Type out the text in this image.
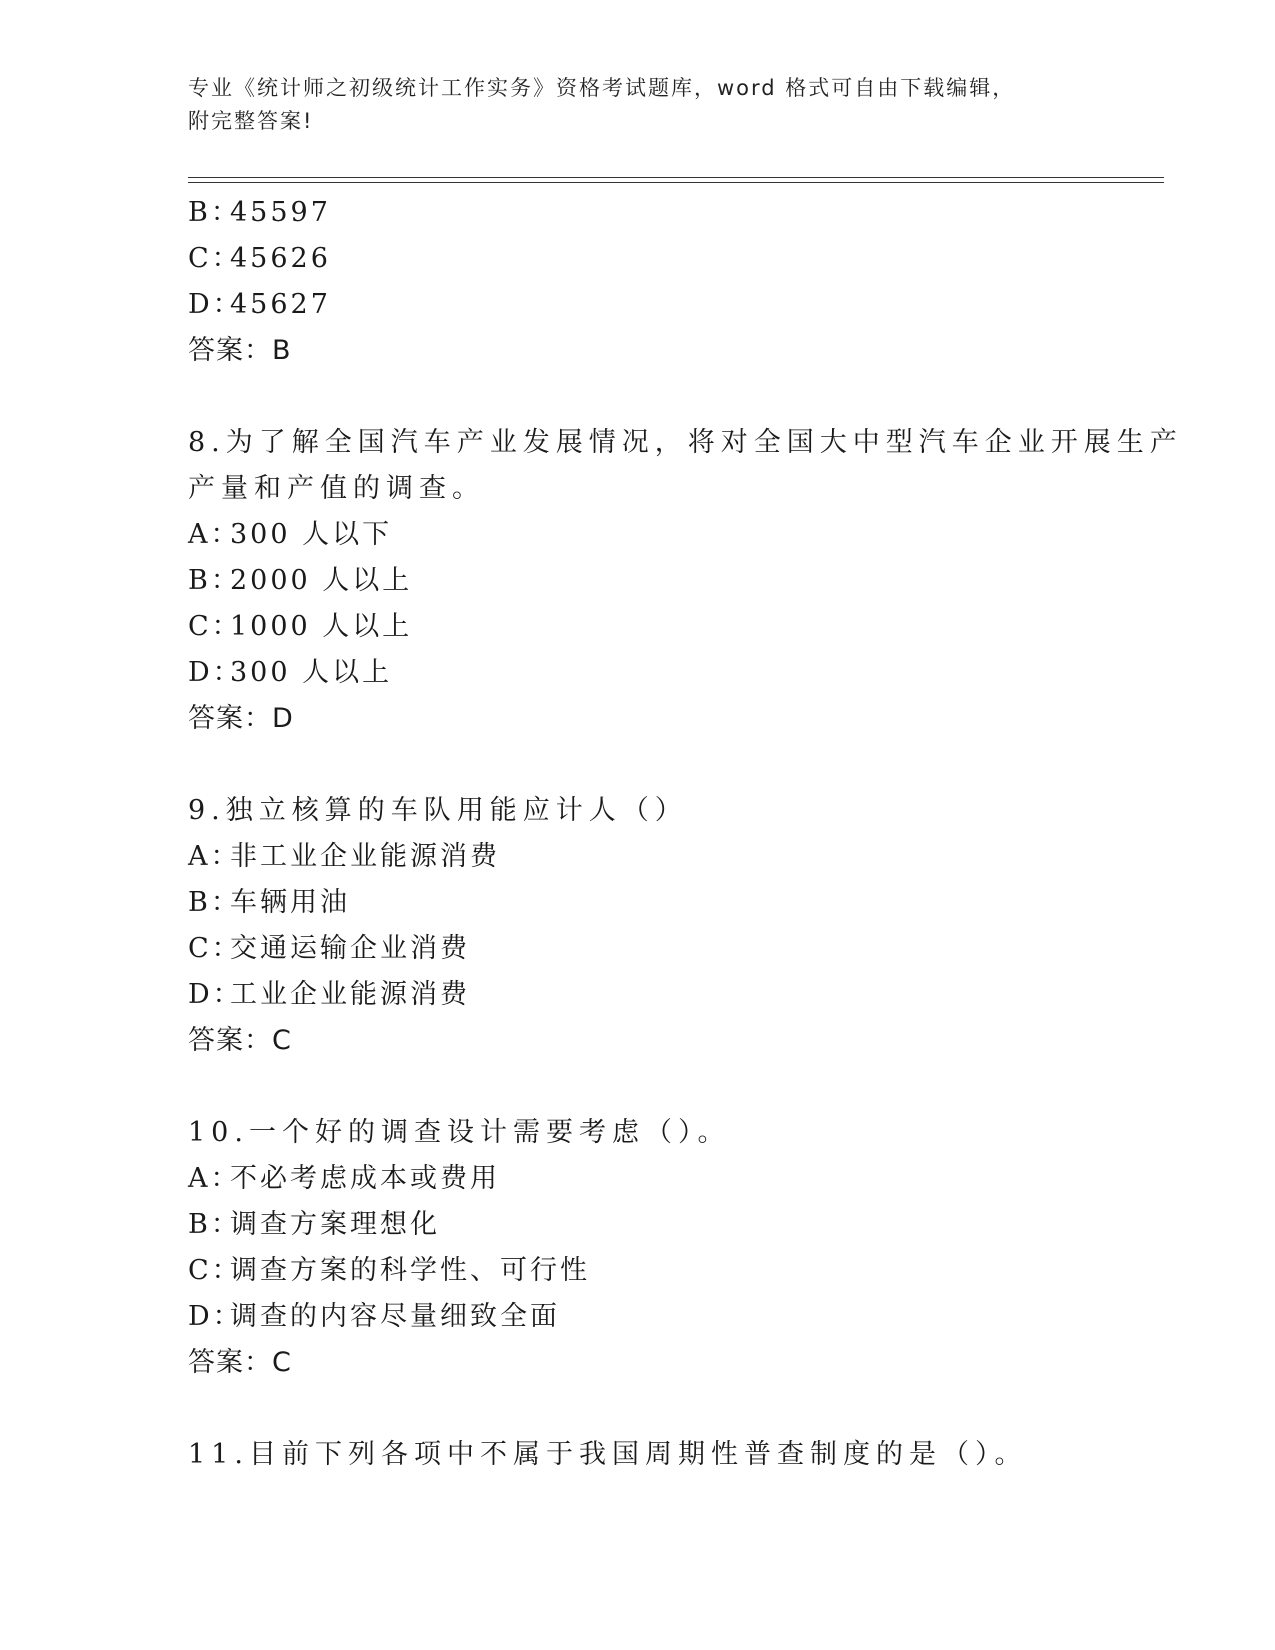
专业《统计师之初级统计工作实务》资格考试题库，word 格式可自由下载编辑，
附完整答案!
B：45597
C：45626
D：45627
答案：B
8.为了解全国汽车产业发展情况，将对全国大中型汽车企业开展生产
产量和产值的调查。
A：300 人以下
B：2000 人以上
C：1000 人以上
D：300 人以上
答案：D
9.独立核算的车队用能应计人（）
A：非工业企业能源消费
B：车辆用油
C：交通运输企业消费
D：工业企业能源消费
答案：C
10.一个好的调查设计需要考虑（）。
A：不必考虑成本或费用
B：调查方案理想化
C：调查方案的科学性、可行性
D：调查的内容尽量细致全面
答案：C
11.目前下列各项中不属于我国周期性普查制度的是（）。
